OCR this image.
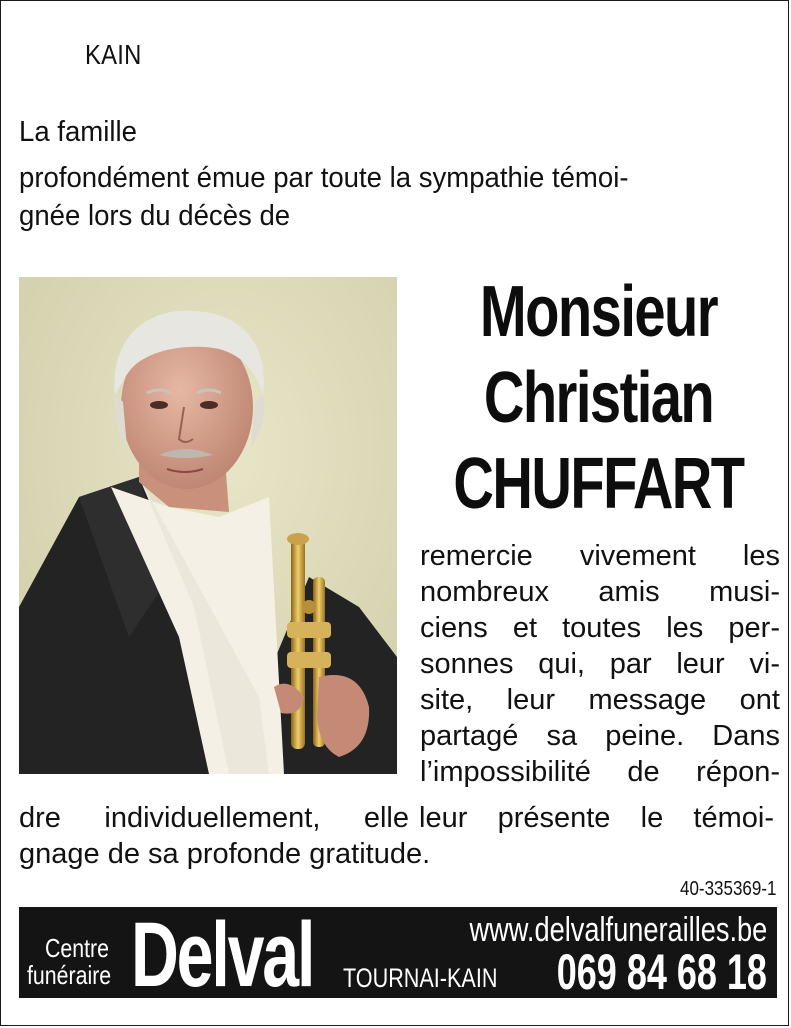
KAIN
La famille
profondément émue par toute la sympathie témoi-
gnée lors du décès de
Monsieur
Christian
CHUFFART
remercie vivement les
nombreux amis musi-
ciens et toutes les per-
sonnes qui, par leur vi-
site, leur message ont
partagé sa peine. Dans
l’impossibilité de répon-
dre individuellement, elle leur présente le témoi-
gnage de sa profonde gratitude.
40-335369-1
Centre
funéraire Delval	www.delvalfunerailles.be
TOURNAI-KAIN 069 84 68 18
